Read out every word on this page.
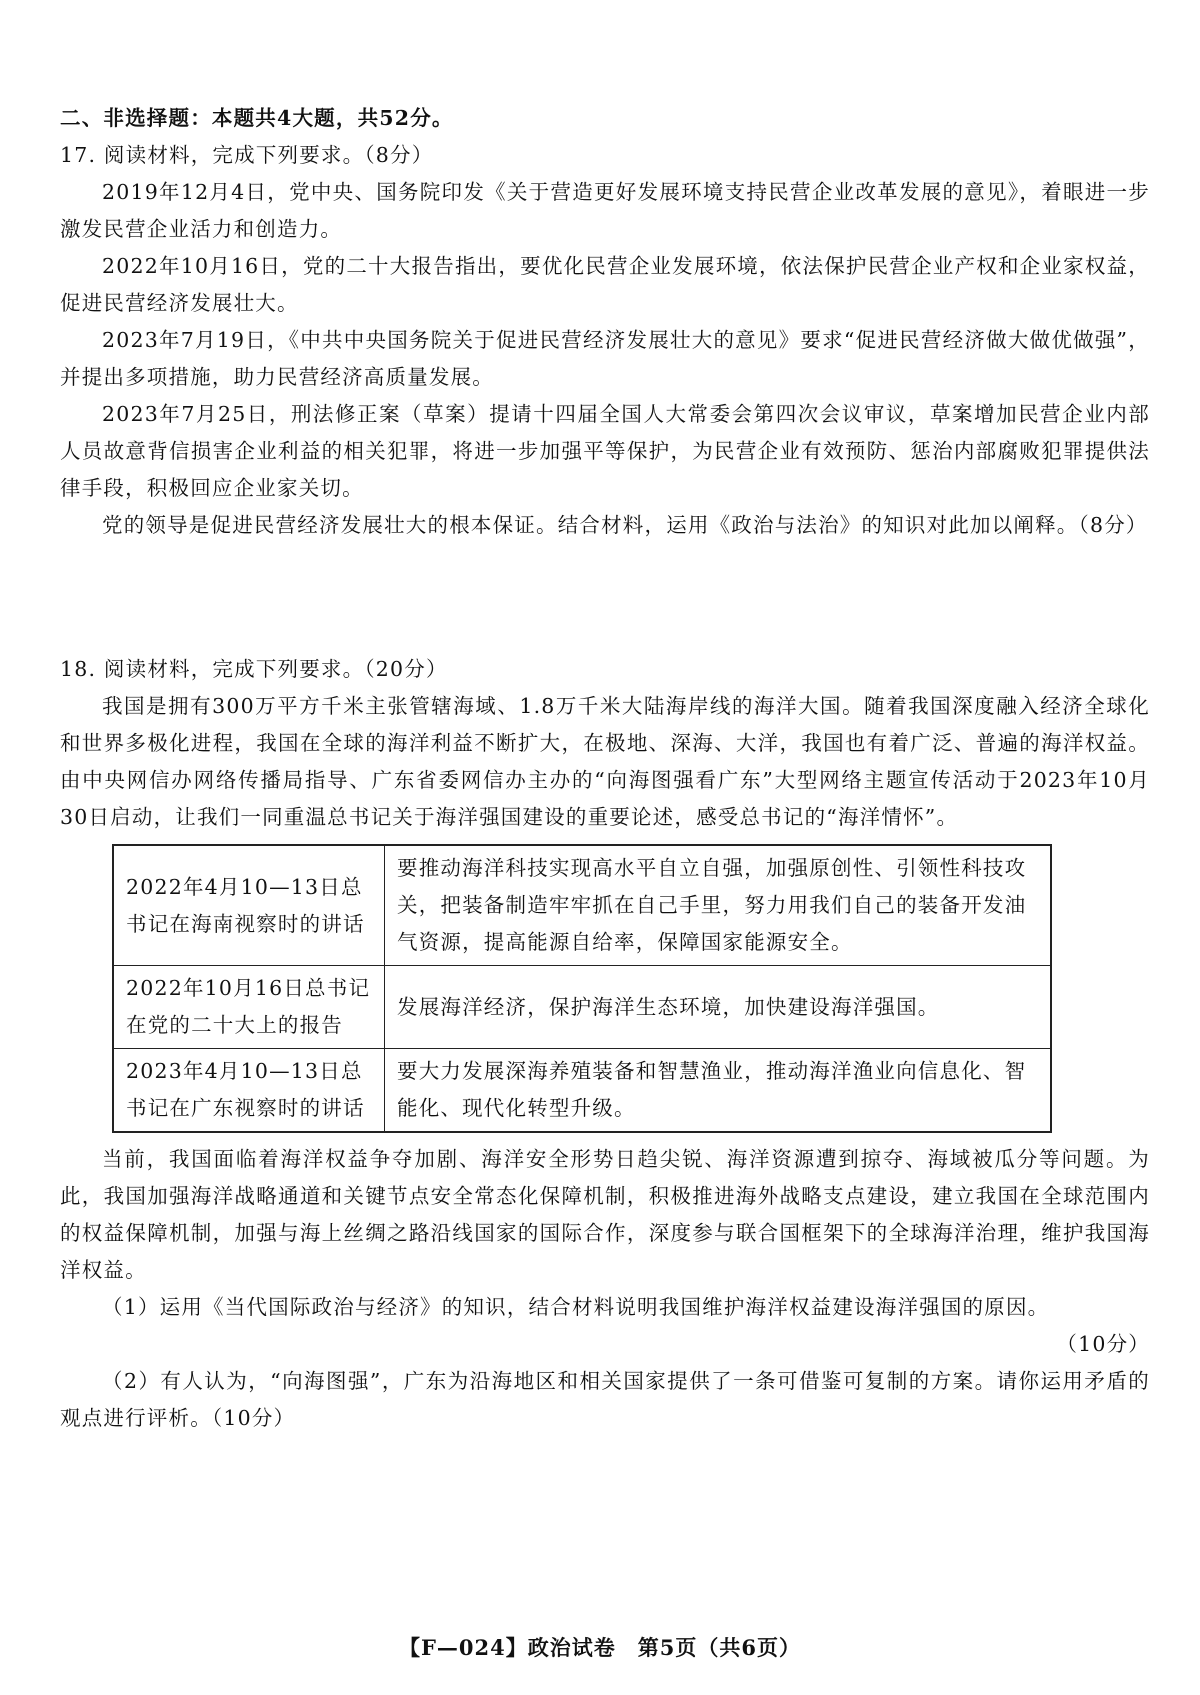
二、非选择题：本题共4大题，共52分。

17. 阅读材料，完成下列要求。（8分）

2019年12月4日，党中央、国务院印发《关于营造更好发展环境支持民营企业改革发展的意见》，着眼进一步激发民营企业活力和创造力。

2022年10月16日，党的二十大报告指出，要优化民营企业发展环境，依法保护民营企业产权和企业家权益，促进民营经济发展壮大。

2023年7月19日，《中共中央国务院关于促进民营经济发展壮大的意见》要求“促进民营经济做大做优做强”，并提出多项措施，助力民营经济高质量发展。

2023年7月25日，刑法修正案（草案）提请十四届全国人大常委会第四次会议审议，草案增加民营企业内部人员故意背信损害企业利益的相关犯罪，将进一步加强平等保护，为民营企业有效预防、惩治内部腐败犯罪提供法律手段，积极回应企业家关切。

党的领导是促进民营经济发展壮大的根本保证。结合材料，运用《政治与法治》的知识对此加以阐释。（8分）

18. 阅读材料，完成下列要求。（20分）

我国是拥有300万平方千米主张管辖海域、1.8万千米大陆海岸线的海洋大国。随着我国深度融入经济全球化和世界多极化进程，我国在全球的海洋利益不断扩大，在极地、深海、大洋，我国也有着广泛、普遍的海洋权益。由中央网信办网络传播局指导、广东省委网信办主办的“向海图强看广东”大型网络主题宣传活动于2023年10月30日启动，让我们一同重温总书记关于海洋强国建设的重要论述，感受总书记的“海洋情怀”。

2022年4月10—13日总书记在海南视察时的讲话	要推动海洋科技实现高水平自立自强，加强原创性、引领性科技攻关，把装备制造牢牢抓在自己手里，努力用我们自己的装备开发油气资源，提高能源自给率，保障国家能源安全。
2022年10月16日总书记在党的二十大上的报告	发展海洋经济，保护海洋生态环境，加快建设海洋强国。
2023年4月10—13日总书记在广东视察时的讲话	要大力发展深海养殖装备和智慧渔业，推动海洋渔业向信息化、智能化、现代化转型升级。

当前，我国面临着海洋权益争夺加剧、海洋安全形势日趋尖锐、海洋资源遭到掠夺、海域被瓜分等问题。为此，我国加强海洋战略通道和关键节点安全常态化保障机制，积极推进海外战略支点建设，建立我国在全球范围内的权益保障机制，加强与海上丝绸之路沿线国家的国际合作，深度参与联合国框架下的全球海洋治理，维护我国海洋权益。

（1）运用《当代国际政治与经济》的知识，结合材料说明我国维护海洋权益建设海洋强国的原因。

（10分）

（2）有人认为，“向海图强”，广东为沿海地区和相关国家提供了一条可借鉴可复制的方案。请你运用矛盾的观点进行评析。（10分）

【F—024】政治试卷　第5页（共6页）
